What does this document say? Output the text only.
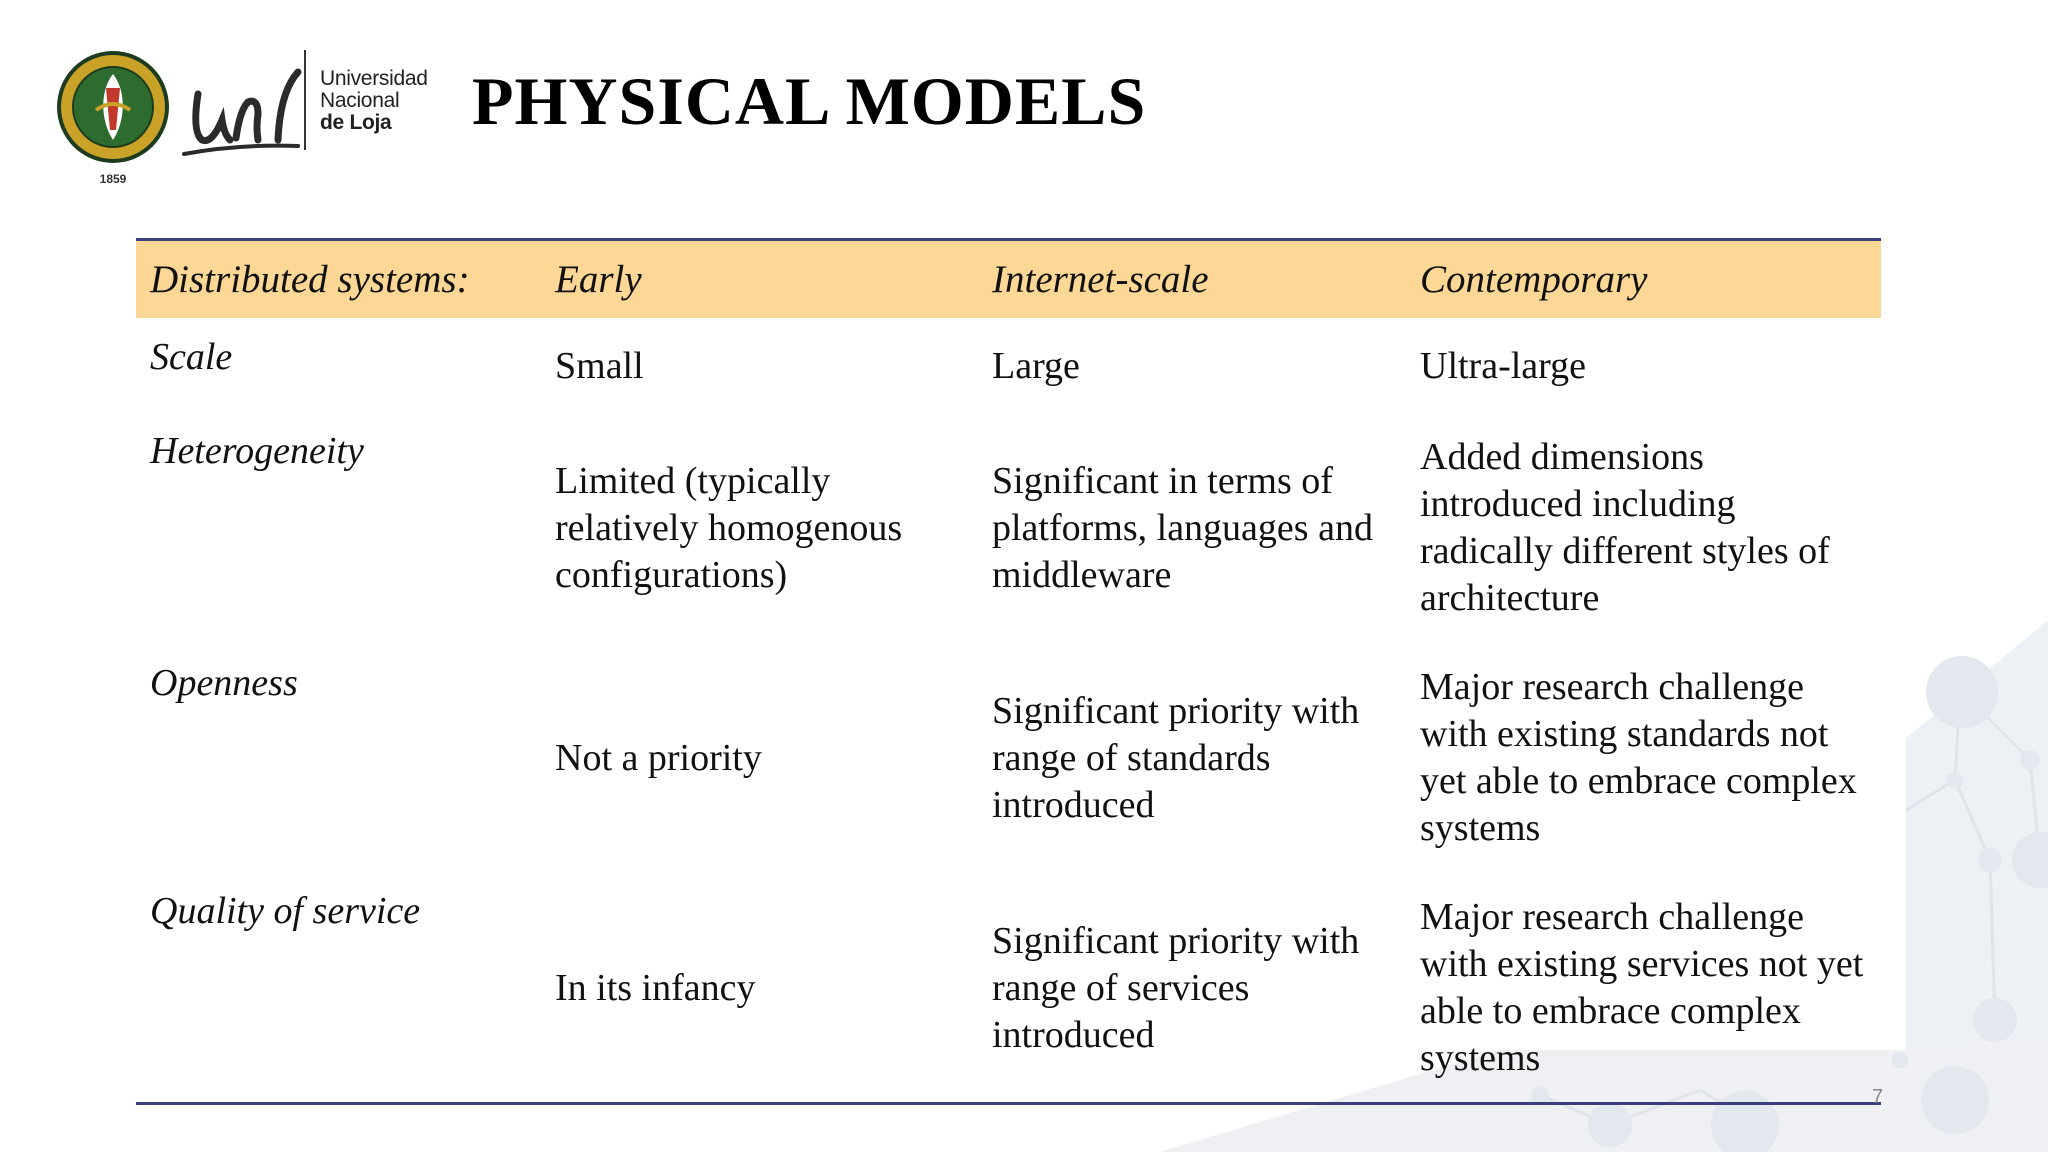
1859
Universidad
Nacional
de Loja	PHYSICAL MODELS
Distributed systems:	Early	Internet-scale	Contemporary
Scale	Small	Large	Ultra-large
Heterogeneity	Limited (typically relatively homogenous configurations)	Significant in terms of platforms, languages and middleware	Added dimensions introduced including radically different styles of architecture
Openness	Not a priority	Significant priority with range of standards introduced	Major research challenge with existing standards not yet able to embrace complex systems
Quality of service	In its infancy	Significant priority with range of services introduced	Major research challenge with existing services not yet able to embrace complex systems
7
